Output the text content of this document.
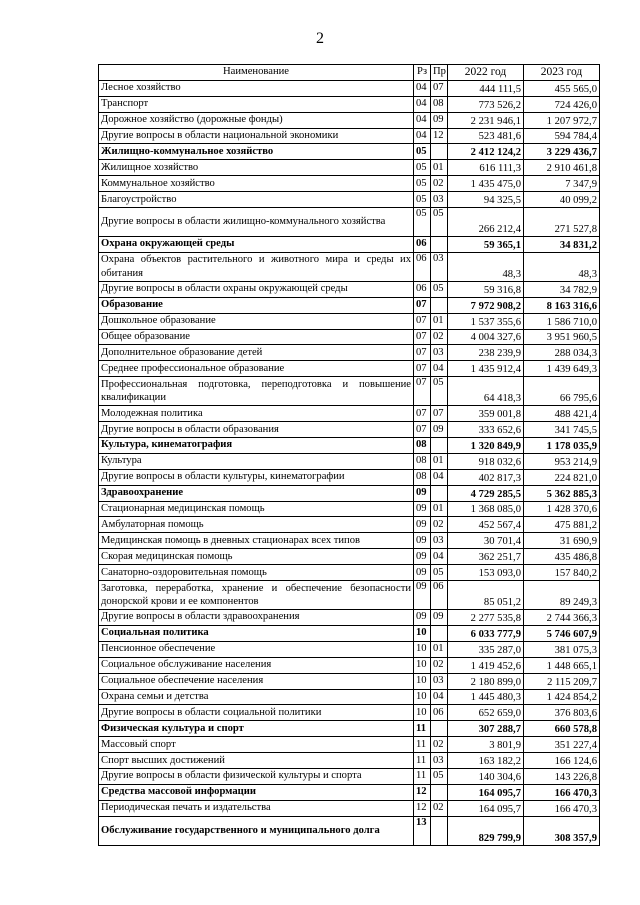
2
Наименование	Рз	Пр	2022 год	2023 год
Лесное хозяйство	04	07	444 111,5	455 565,0
Транспорт	04	08	773 526,2	724 426,0
Дорожное хозяйство (дорожные фонды)	04	09	2 231 946,1	1 207 972,7
Другие вопросы в области национальной экономики	04	12	523 481,6	594 784,4
Жилищно-коммунальное хозяйство	05		2 412 124,2	3 229 436,7
Жилищное хозяйство	05	01	616 111,3	2 910 461,8
Коммунальное хозяйство	05	02	1 435 475,0	7 347,9
Благоустройство	05	03	94 325,5	40 099,2
Другие вопросы в области жилищно-коммунального хозяйства	05	05	266 212,4	271 527,8
Охрана окружающей среды	06		59 365,1	34 831,2
Охрана объектов растительного и животного мира и среды их обитания	06	03	48,3	48,3
Другие вопросы в области охраны окружающей среды	06	05	59 316,8	34 782,9
Образование	07		7 972 908,2	8 163 316,6
Дошкольное образование	07	01	1 537 355,6	1 586 710,0
Общее образование	07	02	4 004 327,6	3 951 960,5
Дополнительное образование детей	07	03	238 239,9	288 034,3
Среднее профессиональное образование	07	04	1 435 912,4	1 439 649,3
Профессиональная подготовка, переподготовка и повышение квалификации	07	05	64 418,3	66 795,6
Молодежная политика	07	07	359 001,8	488 421,4
Другие вопросы в области образования	07	09	333 652,6	341 745,5
Культура, кинематография	08		1 320 849,9	1 178 035,9
Культура	08	01	918 032,6	953 214,9
Другие вопросы в области культуры, кинематографии	08	04	402 817,3	224 821,0
Здравоохранение	09		4 729 285,5	5 362 885,3
Стационарная медицинская помощь	09	01	1 368 085,0	1 428 370,6
Амбулаторная помощь	09	02	452 567,4	475 881,2
Медицинская помощь в дневных стационарах всех типов	09	03	30 701,4	31 690,9
Скорая медицинская помощь	09	04	362 251,7	435 486,8
Санаторно-оздоровительная помощь	09	05	153 093,0	157 840,2
Заготовка, переработка, хранение и обеспечение безопасности донорской крови и ее компонентов	09	06	85 051,2	89 249,3
Другие вопросы в области здравоохранения	09	09	2 277 535,8	2 744 366,3
Социальная политика	10		6 033 777,9	5 746 607,9
Пенсионное обеспечение	10	01	335 287,0	381 075,3
Социальное обслуживание населения	10	02	1 419 452,6	1 448 665,1
Социальное обеспечение населения	10	03	2 180 899,0	2 115 209,7
Охрана семьи и детства	10	04	1 445 480,3	1 424 854,2
Другие вопросы в области социальной политики	10	06	652 659,0	376 803,6
Физическая культура и спорт	11		307 288,7	660 578,8
Массовый спорт	11	02	3 801,9	351 227,4
Спорт высших достижений	11	03	163 182,2	166 124,6
Другие вопросы в области физической культуры и спорта	11	05	140 304,6	143 226,8
Средства массовой информации	12		164 095,7	166 470,3
Периодическая печать и издательства	12	02	164 095,7	166 470,3
Обслуживание государственного и муниципального долга	13		829 799,9	308 357,9
